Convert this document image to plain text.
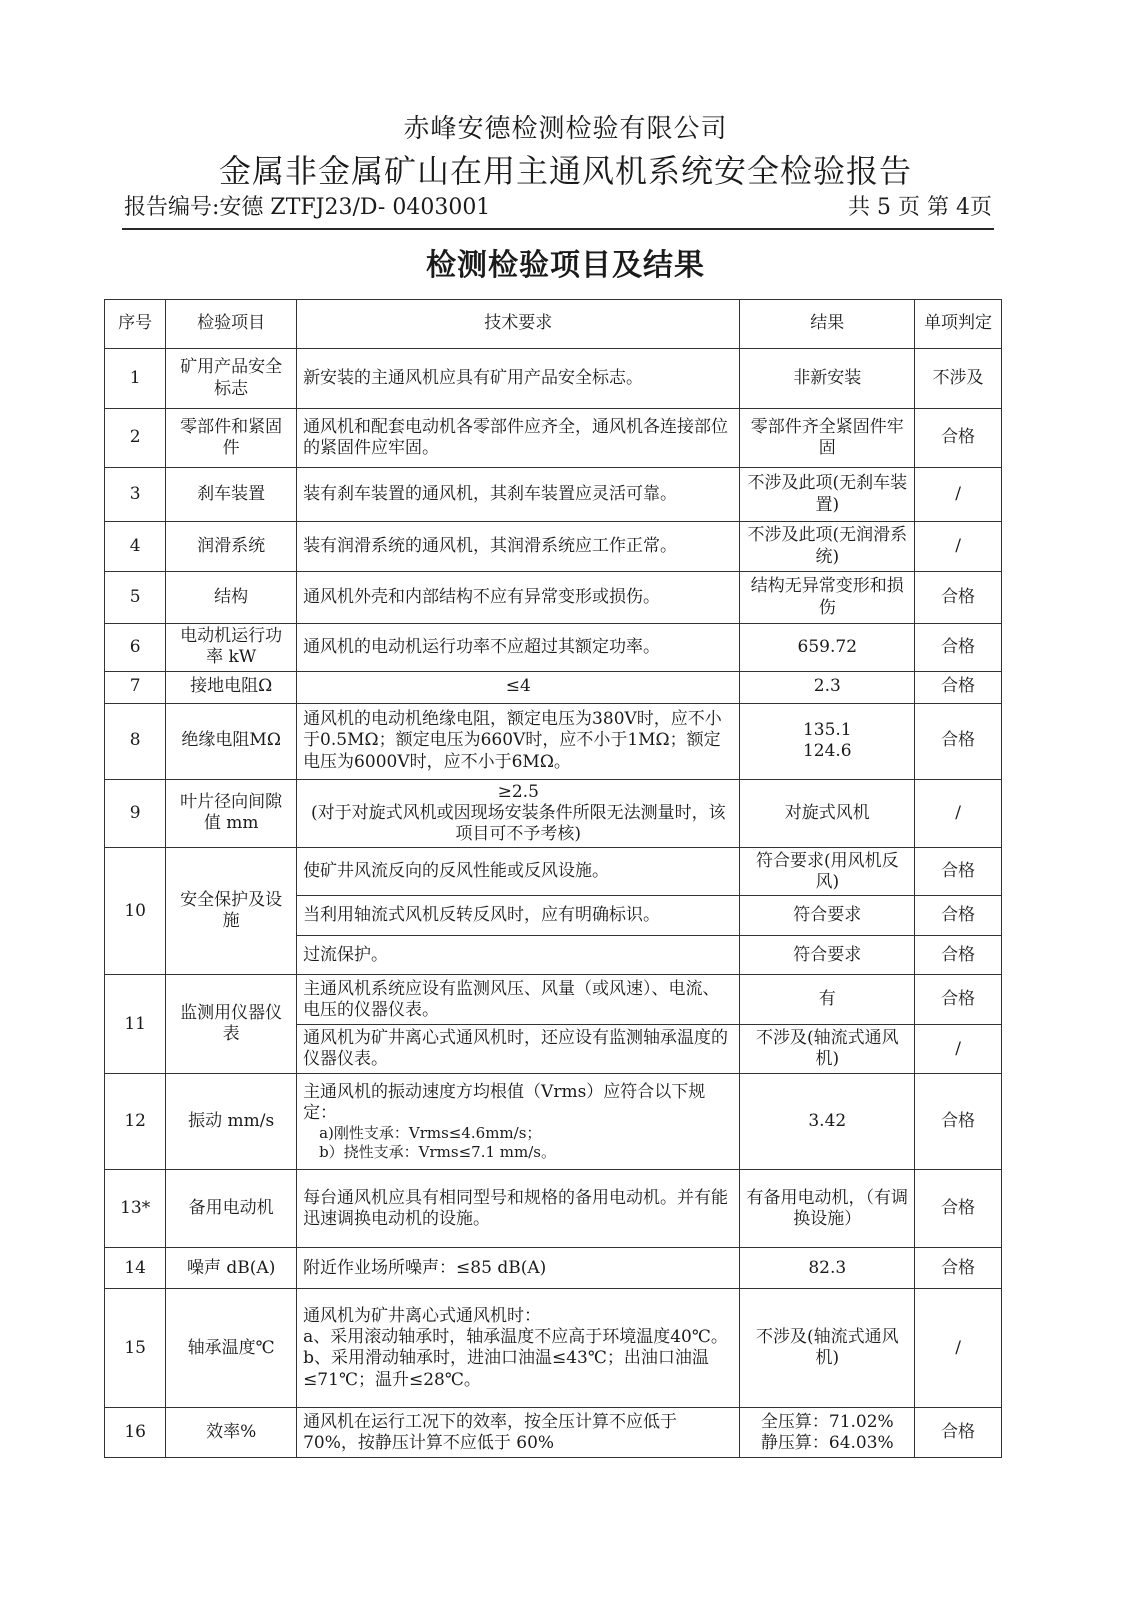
赤峰安德检测检验有限公司
金属非金属矿山在用主通风机系统安全检验报告
报告编号:安德 ZTFJ23/D- 0403001	共 5 页 第 4页
检测检验项目及结果
序号	检验项目	技术要求	结果	单项判定
1	矿用产品安全标志	新安装的主通风机应具有矿用产品安全标志。	非新安装	不涉及
2	零部件和紧固件	通风机和配套电动机各零部件应齐全，通风机各连接部位的紧固件应牢固。	零部件齐全紧固件牢固	合格
3	刹车装置	装有刹车装置的通风机，其刹车装置应灵活可靠。	不涉及此项(无刹车装置)	/
4	润滑系统	装有润滑系统的通风机，其润滑系统应工作正常。	不涉及此项(无润滑系统)	/
5	结构	通风机外壳和内部结构不应有异常变形或损伤。	结构无异常变形和损伤	合格
6	电动机运行功率 kW	通风机的电动机运行功率不应超过其额定功率。	659.72	合格
7	接地电阻Ω	≤4	2.3	合格
8	绝缘电阻MΩ	通风机的电动机绝缘电阻，额定电压为380V时，应不小于0.5MΩ；额定电压为660V时，应不小于1MΩ；额定电压为6000V时，应不小于6MΩ。	135.1
124.6	合格
9	叶片径向间隙值 mm	≥2.5
(对于对旋式风机或因现场安装条件所限无法测量时，该项目可不予考核)	对旋式风机	/
10	安全保护及设施	使矿井风流反向的反风性能或反风设施。	符合要求(用风机反风)	合格
		当利用轴流式风机反转反风时，应有明确标识。	符合要求	合格
		过流保护。	符合要求	合格
11	监测用仪器仪表	主通风机系统应设有监测风压、风量（或风速）、电流、电压的仪器仪表。	有	合格
		通风机为矿井离心式通风机时，还应设有监测轴承温度的仪器仪表。	不涉及(轴流式通风机)	/
12	振动 mm/s	主通风机的振动速度方均根值（Vrms）应符合以下规定：
a)刚性支承：Vrms≤4.6mm/s；
b）挠性支承：Vrms≤7.1 mm/s。	3.42	合格
13*	备用电动机	每台通风机应具有相同型号和规格的备用电动机。并有能迅速调换电动机的设施。	有备用电动机，（有调换设施）	合格
14	噪声 dB(A)	附近作业场所噪声：≤85 dB(A)	82.3	合格
15	轴承温度℃	通风机为矿井离心式通风机时：
a、采用滚动轴承时，轴承温度不应高于环境温度40℃。
b、采用滑动轴承时，进油口油温≤43℃；出油口油温≤71℃；温升≤28℃。	不涉及(轴流式通风机)	/
16	效率%	通风机在运行工况下的效率，按全压计算不应低于 70%，按静压计算不应低于 60%	全压算：71.02%
静压算：64.03%	合格
